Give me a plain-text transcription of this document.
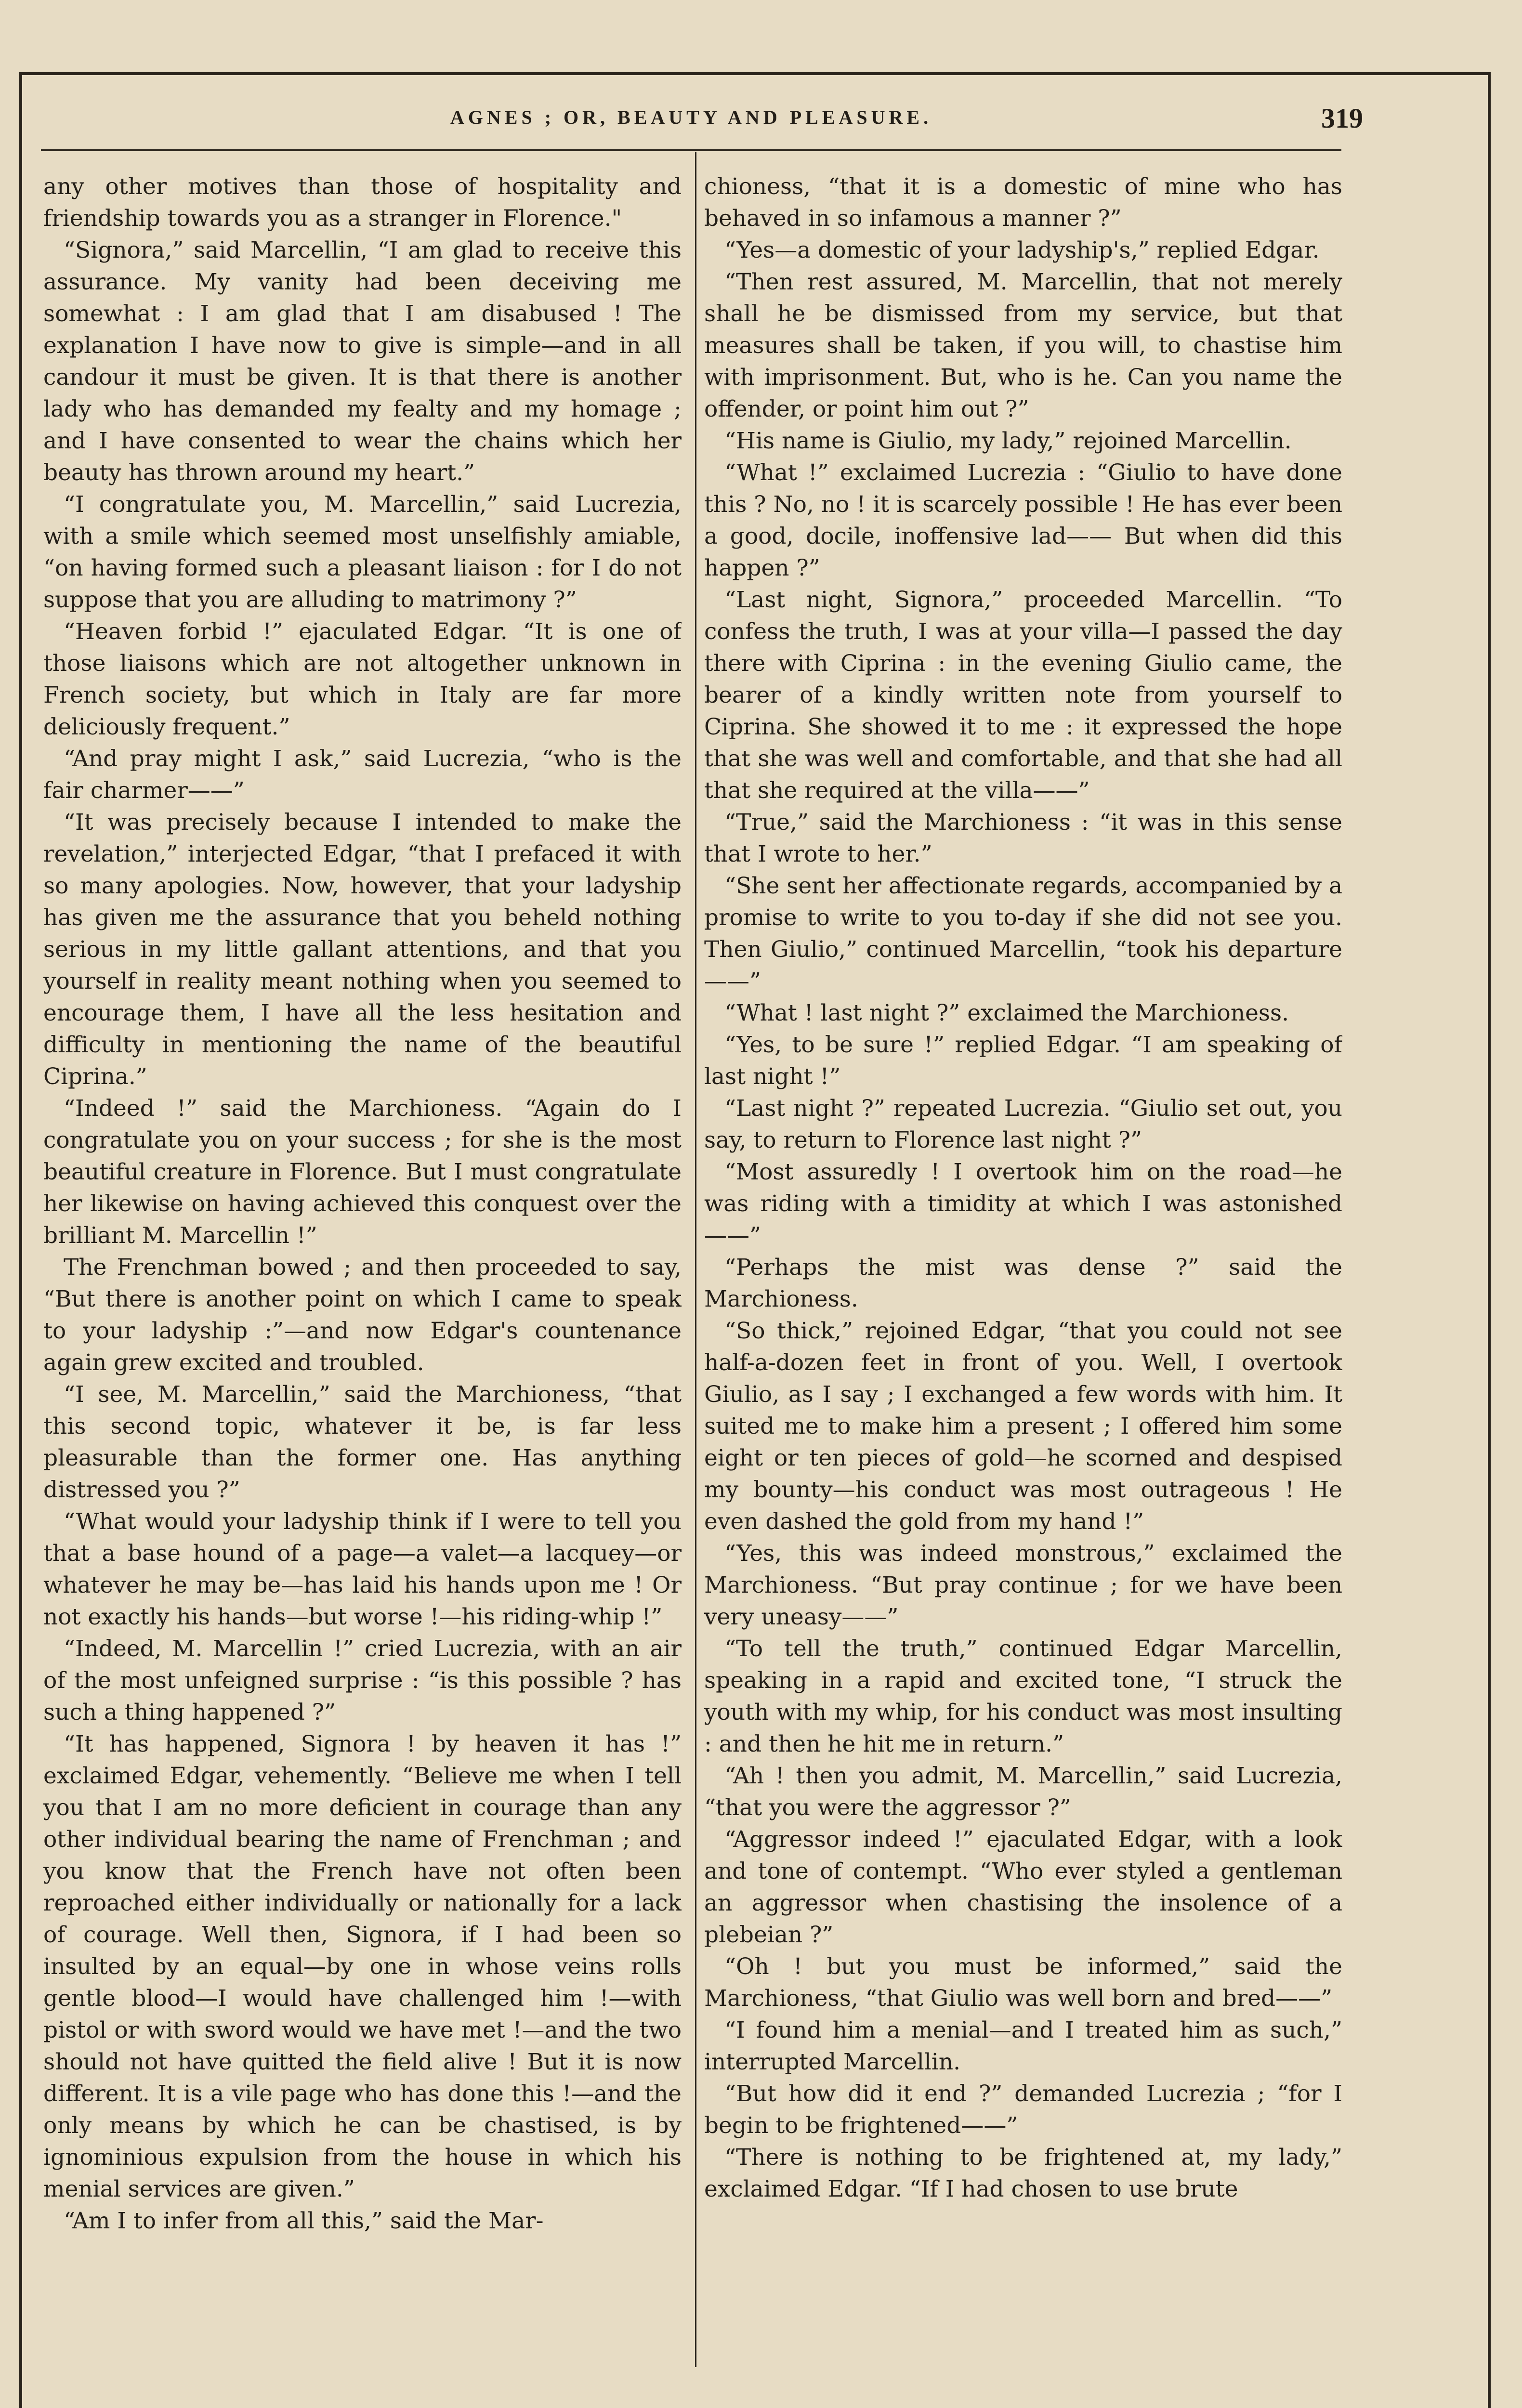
AGNES ; OR, BEAUTY AND PLEASURE.	319

any other motives than those of hospitality and friendship towards you as a stranger in Florence."

“Signora,” said Marcellin, “I am glad to receive this assurance. My vanity had been deceiving me somewhat : I am glad that I am disabused ! The explanation I have now to give is simple—and in all candour it must be given. It is that there is another lady who has demanded my fealty and my homage ; and I have consented to wear the chains which her beauty has thrown around my heart.”

“I congratulate you, M. Marcellin,” said Lucrezia, with a smile which seemed most unselfishly amiable, “on having formed such a pleasant liaison : for I do not suppose that you are alluding to matrimony ?”

“Heaven forbid !” ejaculated Edgar. “It is one of those liaisons which are not altogether unknown in French society, but which in Italy are far more deliciously frequent.”

“And pray might I ask,” said Lucrezia, “who is the fair charmer——”

“It was precisely because I intended to make the revelation,” interjected Edgar, “that I prefaced it with so many apologies. Now, however, that your ladyship has given me the assurance that you beheld nothing serious in my little gallant attentions, and that you yourself in reality meant nothing when you seemed to encourage them, I have all the less hesitation and difficulty in mentioning the name of the beautiful Ciprina.”

“Indeed !” said the Marchioness. “Again do I congratulate you on your success ; for she is the most beautiful creature in Florence. But I must congratulate her likewise on having achieved this conquest over the brilliant M. Marcellin !”

The Frenchman bowed ; and then proceeded to say, “But there is another point on which I came to speak to your ladyship :”—and now Edgar's countenance again grew excited and troubled.

“I see, M. Marcellin,” said the Marchioness, “that this second topic, whatever it be, is far less pleasurable than the former one. Has anything distressed you ?”

“What would your ladyship think if I were to tell you that a base hound of a page—a valet—a lacquey—or whatever he may be—has laid his hands upon me ! Or not exactly his hands—but worse !—his riding-whip !”

“Indeed, M. Marcellin !” cried Lucrezia, with an air of the most unfeigned surprise : “is this possible ? has such a thing happened ?”

“It has happened, Signora ! by heaven it has !” exclaimed Edgar, vehemently. “Believe me when I tell you that I am no more deficient in courage than any other individual bearing the name of Frenchman ; and you know that the French have not often been reproached either individually or nationally for a lack of courage. Well then, Signora, if I had been so insulted by an equal—by one in whose veins rolls gentle blood—I would have challenged him !—with pistol or with sword would we have met !—and the two should not have quitted the field alive ! But it is now different. It is a vile page who has done this !—and the only means by which he can be chastised, is by ignominious expulsion from the house in which his menial services are given.”

“Am I to infer from all this,” said the Mar-

chioness, “that it is a domestic of mine who has behaved in so infamous a manner ?”

“Yes—a domestic of your ladyship's,” replied Edgar.

“Then rest assured, M. Marcellin, that not merely shall he be dismissed from my service, but that measures shall be taken, if you will, to chastise him with imprisonment. But, who is he. Can you name the offender, or point him out ?”

“His name is Giulio, my lady,” rejoined Marcellin.

“What !” exclaimed Lucrezia : “Giulio to have done this ? No, no ! it is scarcely possible ! He has ever been a good, docile, inoffensive lad—— But when did this happen ?”

“Last night, Signora,” proceeded Marcellin. “To confess the truth, I was at your villa—I passed the day there with Ciprina : in the evening Giulio came, the bearer of a kindly written note from yourself to Ciprina. She showed it to me : it expressed the hope that she was well and comfortable, and that she had all that she required at the villa——”

“True,” said the Marchioness : “it was in this sense that I wrote to her.”

“She sent her affectionate regards, accompanied by a promise to write to you to-day if she did not see you. Then Giulio,” continued Marcellin, “took his departure——”

“What ! last night ?” exclaimed the Marchioness.

“Yes, to be sure !” replied Edgar. “I am speaking of last night !”

“Last night ?” repeated Lucrezia. “Giulio set out, you say, to return to Florence last night ?”

“Most assuredly ! I overtook him on the road—he was riding with a timidity at which I was astonished——”

“Perhaps the mist was dense ?” said the Marchioness.

“So thick,” rejoined Edgar, “that you could not see half-a-dozen feet in front of you. Well, I overtook Giulio, as I say ; I exchanged a few words with him. It suited me to make him a present ; I offered him some eight or ten pieces of gold—he scorned and despised my bounty—his conduct was most outrageous ! He even dashed the gold from my hand !”

“Yes, this was indeed monstrous,” exclaimed the Marchioness. “But pray continue ; for we have been very uneasy——”

“To tell the truth,” continued Edgar Marcellin, speaking in a rapid and excited tone, “I struck the youth with my whip, for his conduct was most insulting : and then he hit me in return.”

“Ah ! then you admit, M. Marcellin,” said Lucrezia, “that you were the aggressor ?”

“Aggressor indeed !” ejaculated Edgar, with a look and tone of contempt. “Who ever styled a gentleman an aggressor when chastising the insolence of a plebeian ?”

“Oh ! but you must be informed,” said the Marchioness, “that Giulio was well born and bred——”

“I found him a menial—and I treated him as such,” interrupted Marcellin.

“But how did it end ?” demanded Lucrezia ; “for I begin to be frightened——”

“There is nothing to be frightened at, my lady,” exclaimed Edgar. “If I had chosen to use brute
